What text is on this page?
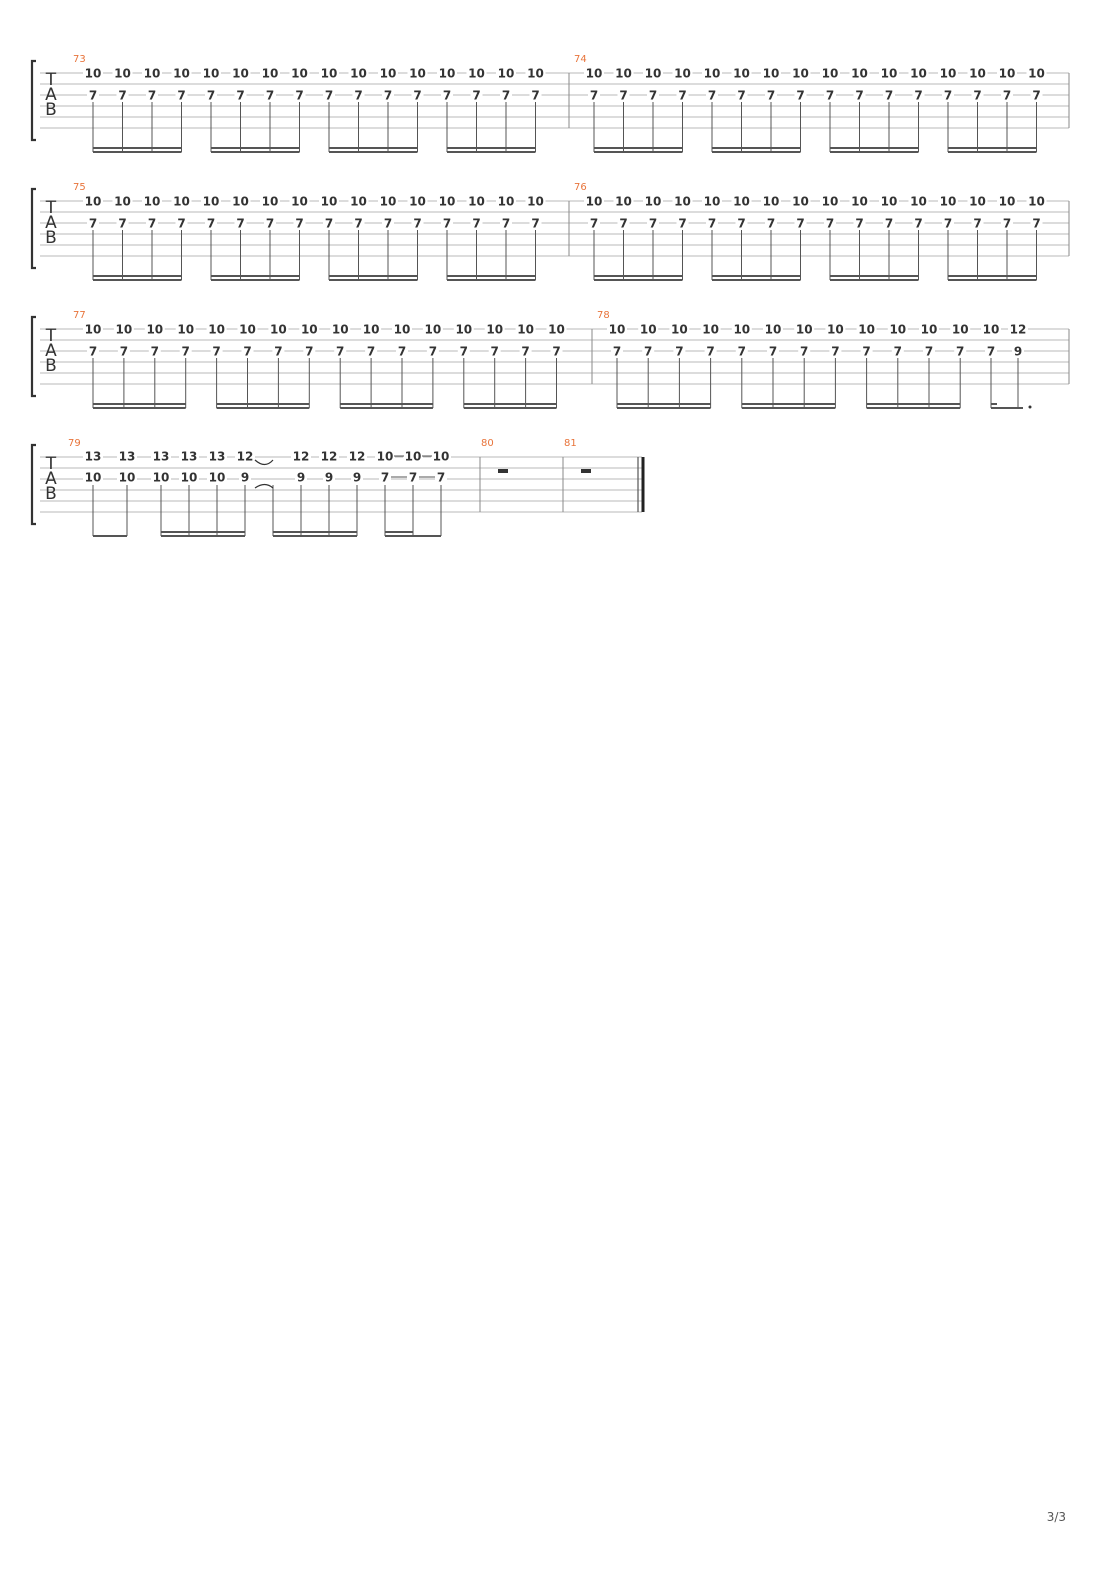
T
A
B
73
10
7
10
7
10
7
10
7
10
7
10
7
10
7
10
7
10
7
10
7
10
7
10
7
10
7
10
7
10
7
10
7
74
10
7
10
7
10
7
10
7
10
7
10
7
10
7
10
7
10
7
10
7
10
7
10
7
10
7
10
7
10
7
10
7
T
A
B
75
10
7
10
7
10
7
10
7
10
7
10
7
10
7
10
7
10
7
10
7
10
7
10
7
10
7
10
7
10
7
10
7
76
10
7
10
7
10
7
10
7
10
7
10
7
10
7
10
7
10
7
10
7
10
7
10
7
10
7
10
7
10
7
10
7
T
A
B
77
10
7
10
7
10
7
10
7
10
7
10
7
10
7
10
7
10
7
10
7
10
7
10
7
10
7
10
7
10
7
10
7
78
10
7
10
7
10
7
10
7
10
7
10
7
10
7
10
7
10
7
10
7
10
7
10
7
10
7
12
9
T
A
B
79
13
10
13
10
13
10
13
10
13
10
12
9
12
9
12
9
12
9
10
7
10
7
10
7
80	81
3/3
